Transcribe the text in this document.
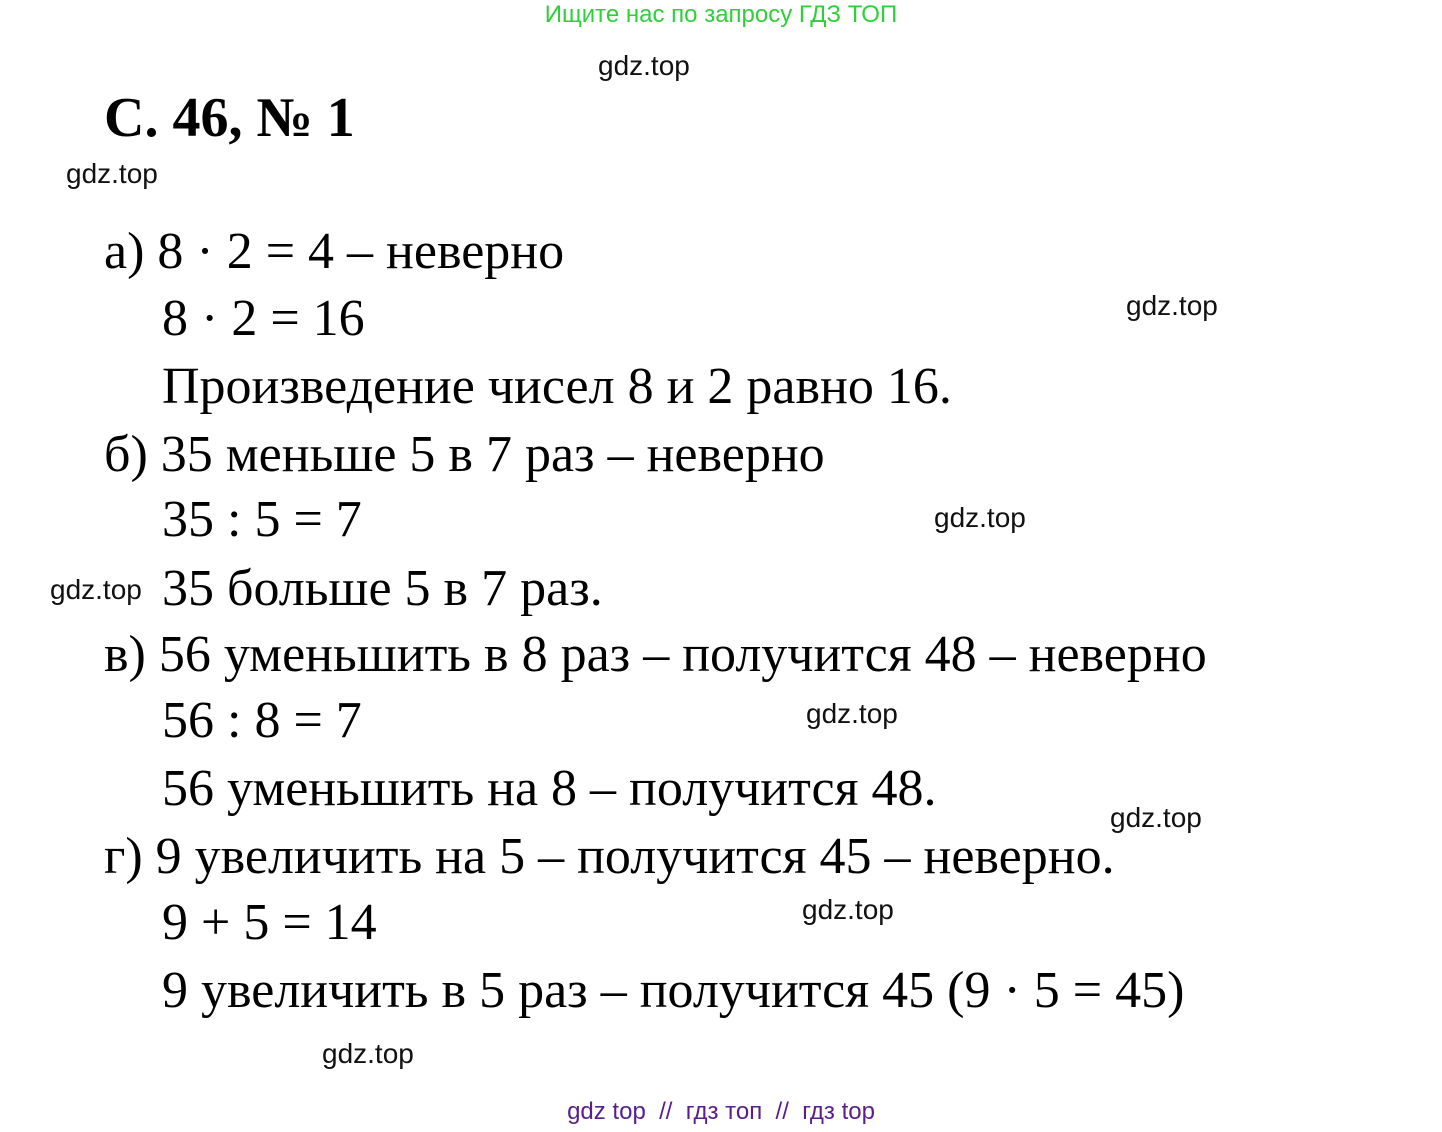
Ищите нас по запросу ГДЗ ТОП
С. 46, № 1
а) 8 · 2 = 4 – неверно
8 · 2 = 16
Произведение чисел 8 и 2 равно 16.
б) 35 меньше 5 в 7 раз – неверно
35 : 5 = 7
35 больше 5 в 7 раз.
в) 56 уменьшить в 8 раз – получится 48 – неверно
56 : 8 = 7
56 уменьшить на 8 – получится 48.
г) 9 увеличить на 5 – получится 45 – неверно.
9 + 5 = 14
9 увеличить в 5 раз – получится 45 (9 · 5 = 45)
gdz.top
gdz.top
gdz.top
gdz.top
gdz.top
gdz.top
gdz.top
gdz.top
gdz.top
gdz top  //  гдз топ  //  гдз top
